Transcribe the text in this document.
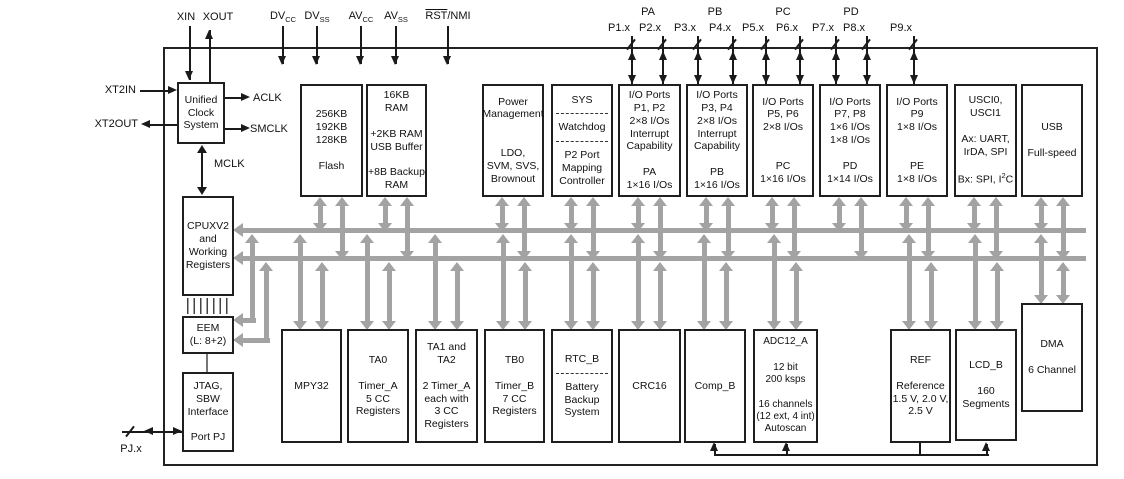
Unified
Clock
System
CPUXV2
and
Working
Registers
EEM
(L: 8+2)
JTAG,
SBW
Interface
Port PJ
256KB
192KB
128KB
Flash
16KB
RAM
+2KB RAM
USB Buffer
+8B Backup
RAM
Power
Management
LDO,
SVM, SVS,
Brownout
SYS
Watchdog
P2 Port
Mapping
Controller
I/O Ports
P1, P2
2×8 I/Os
Interrupt
Capability
PA
1×16 I/Os
I/O Ports
P3, P4
2×8 I/Os
Interrupt
Capability
PB
1×16 I/Os
I/O Ports
P5, P6
2×8 I/Os
PC
1×16 I/Os
I/O Ports
P7, P8
1×6 I/Os
1×8 I/Os
PD
1×14 I/Os
I/O Ports
P9
1×8 I/Os
PE
1×8 I/Os
USCI0,
USCI1
Ax: UART,
IrDA, SPI
Bx: SPI, $I^2C$
USB
Full-speed
MPY32
TA0
Timer_A
5 CC
Registers
TA1 and
TA2
2 Timer_A
each with
3 CC
Registers
TB0
Timer_B
7 CC
Registers
RTC_B
Battery
Backup
System
CRC16	Comp_B
ADC12_A
12 bit
200 ksps
16 channels
(12 ext, 4 int)
Autoscan
REF
Reference
1.5 V, 2.0 V,
2.5 V
LCD_B
160
Segments
DMA
6 Channel
XIN XOUT	$DV_{CC}$ $DV_{SS}$	$AV_{CC}$ $AV_{SS}$	$\overline{RST}$/NMI	PA	PB	PC	PD
P1.x P2.x	P3.x	P4.x P5.x	P6.x	P7.x P8.x	P9.x
XT2IN
XT2OUT
ACLK
SMCLK
MCLK
PJ.x
